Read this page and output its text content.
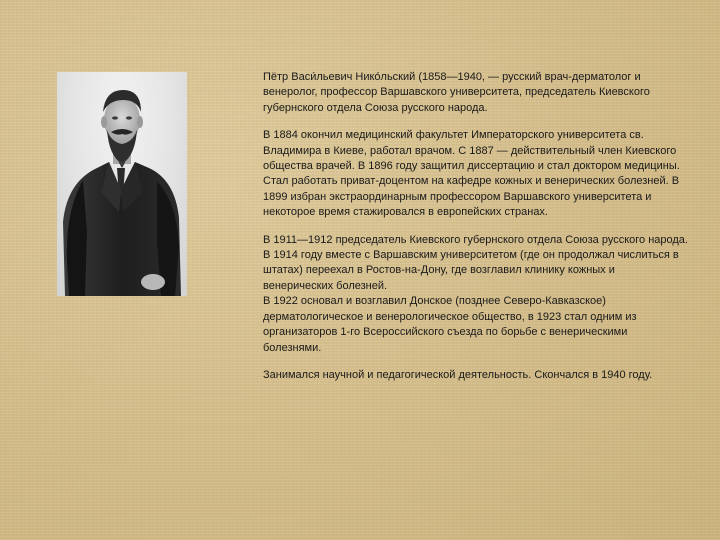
Пётр Васи́льевич Нико́льский (1858—1940, — русский врач-дерматолог и венеролог, профессор Варшавского университета, председатель Киевского губернского отдела Союза русского народа.

В 1884 окончил медицинский факультет Императорского университета св. Владимира в Киеве, работал врачом. С 1887 — действительный член Киевского общества врачей. В 1896 году защитил диссертацию и стал доктором медицины. Стал работать приват-доцентом на кафедре кожных и венерических болезней. В 1899 избран экстраординарным профессором Варшавского университета и некоторое время стажировался в европейских странах.

В 1911—1912 председатель Киевского губернского отдела Союза русского народа. В 1914 году вместе с Варшавским университетом (где он продолжал числиться в штатах) переехал в Ростов-на-Дону, где возглавил клинику кожных и венерических болезней.

В 1922 основал и возглавил Донское (позднее Северо-Кавказское) дерматологическое и венерологическое общество, в 1923 стал одним из организаторов 1-го Всероссийского съезда по борьбе с венерическими болезнями.

Занимался научной и педагогической деятельность. Скончался в 1940 году.
